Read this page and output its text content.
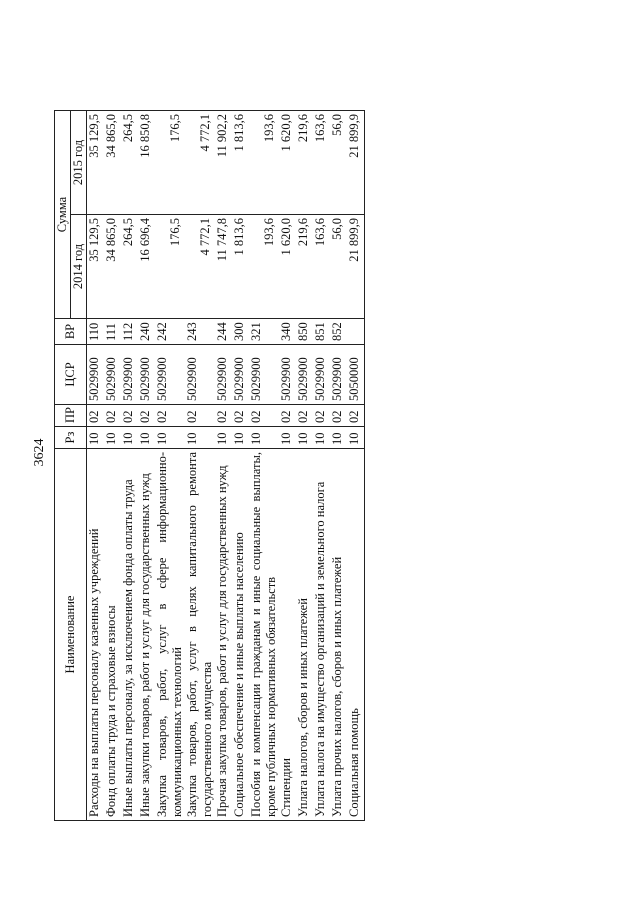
3624
Наименование	Рз	ПР	ЦСР	ВР	Сумма	
					2014 год	2015 год
Расходы на выплаты персоналу казенных учреждений	10	02	5029900	110	35 129,5	35 129,5
Фонд оплаты труда и страховые взносы	10	02	5029900	111	34 865,0	34 865,0
Иные выплаты персоналу, за исключением фонда оплаты труда	10	02	5029900	112	264,5	264,5
Иные закупки товаров, работ и услуг для государственных нужд	10	02	5029900	240	16 696,4	16 850,8
Закупка товаров, работ, услуг в сфере информационно-коммуникационных технологий	10	02	5029900	242	176,5	176,5
Закупка товаров, работ, услуг в целях капитального ремонта государственного имущества	10	02	5029900	243	4 772,1	4 772,1
Прочая закупка товаров, работ и услуг для государственных нужд	10	02	5029900	244	11 747,8	11 902,2
Социальное обеспечение и иные выплаты населению	10	02	5029900	300	1 813,6	1 813,6
Пособия и компенсации гражданам и иные социальные выплаты, кроме публичных нормативных обязательств	10	02	5029900	321	193,6	193,6
Стипендии	10	02	5029900	340	1 620,0	1 620,0
Уплата налогов, сборов и иных платежей	10	02	5029900	850	219,6	219,6
Уплата налога на имущество организаций и земельного налога	10	02	5029900	851	163,6	163,6
Уплата прочих налогов, сборов и иных платежей	10	02	5029900	852	56,0	56,0
Социальная помощь	10	02	5050000		21 899,9	21 899,9
